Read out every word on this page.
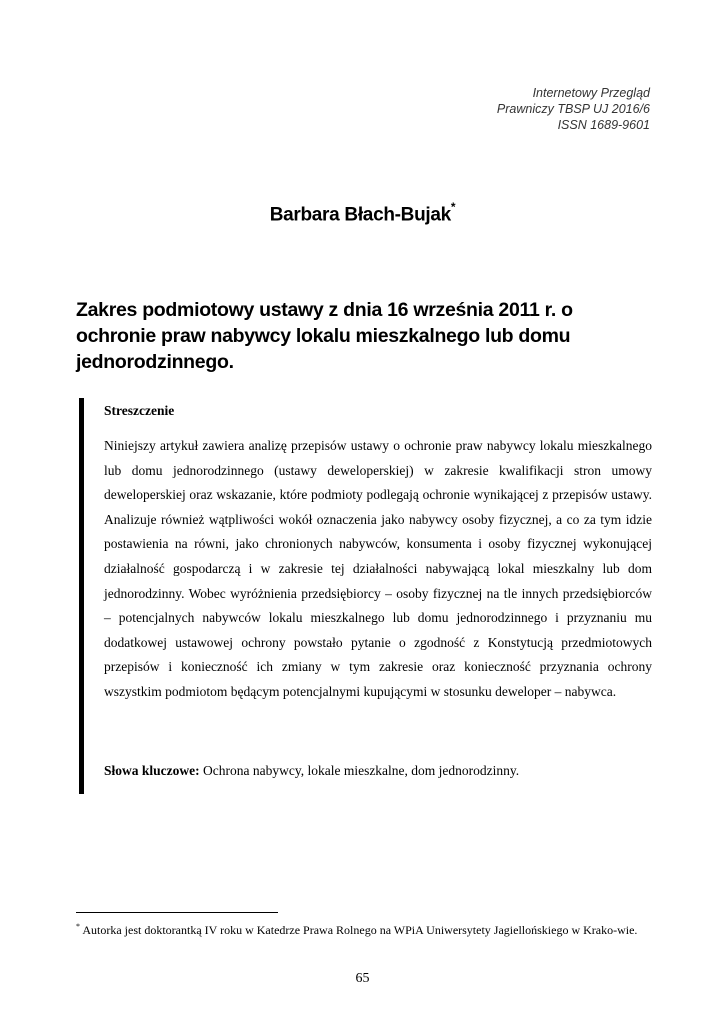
Internetowy Przegląd
Prawniczy TBSP UJ 2016/6
ISSN 1689-9601
Barbara Błach-Bujak*
Zakres podmiotowy ustawy z dnia 16 września 2011 r. o ochronie praw nabywcy lokalu mieszkalnego lub domu jednorodzinnego.
Streszczenie

Niniejszy artykuł zawiera analizę przepisów ustawy o ochronie praw nabywcy lokalu mieszkalnego lub domu jednorodzinnego (ustawy deweloperskiej) w zakresie kwalifikacji stron umowy deweloperskiej oraz wskazanie, które podmioty podlegają ochronie wynikającej z przepisów ustawy. Analizuje również wątpliwości wokół oznaczenia jako nabywcy osoby fizycznej, a co za tym idzie postawienia na równi, jako chronionych nabywców, konsumenta i osoby fizycznej wykonującej działalność gospodarczą i w zakresie tej działalności nabywającą lokal mieszkalny lub dom jednorodzinny. Wobec wyróżnienia przedsiębiorcy – osoby fizycznej na tle innych przedsiębiorców – potencjalnych nabywców lokalu mieszkalnego lub domu jednorodzinnego i przyznaniu mu dodatkowej ustawowej ochrony powstało pytanie o zgodność z Konstytucją przedmiotowych przepisów i konieczność ich zmiany w tym zakresie oraz konieczność przyznania ochrony wszystkim podmiotom będącym potencjalnymi kupującymi w stosunku deweloper – nabywca.

Słowa kluczowe: Ochrona nabywcy, lokale mieszkalne, dom jednorodzinny.
* Autorka jest doktorantką IV roku w Katedrze Prawa Rolnego na WPiA Uniwersytety Jagiellońskiego w Krako-wie.
65
